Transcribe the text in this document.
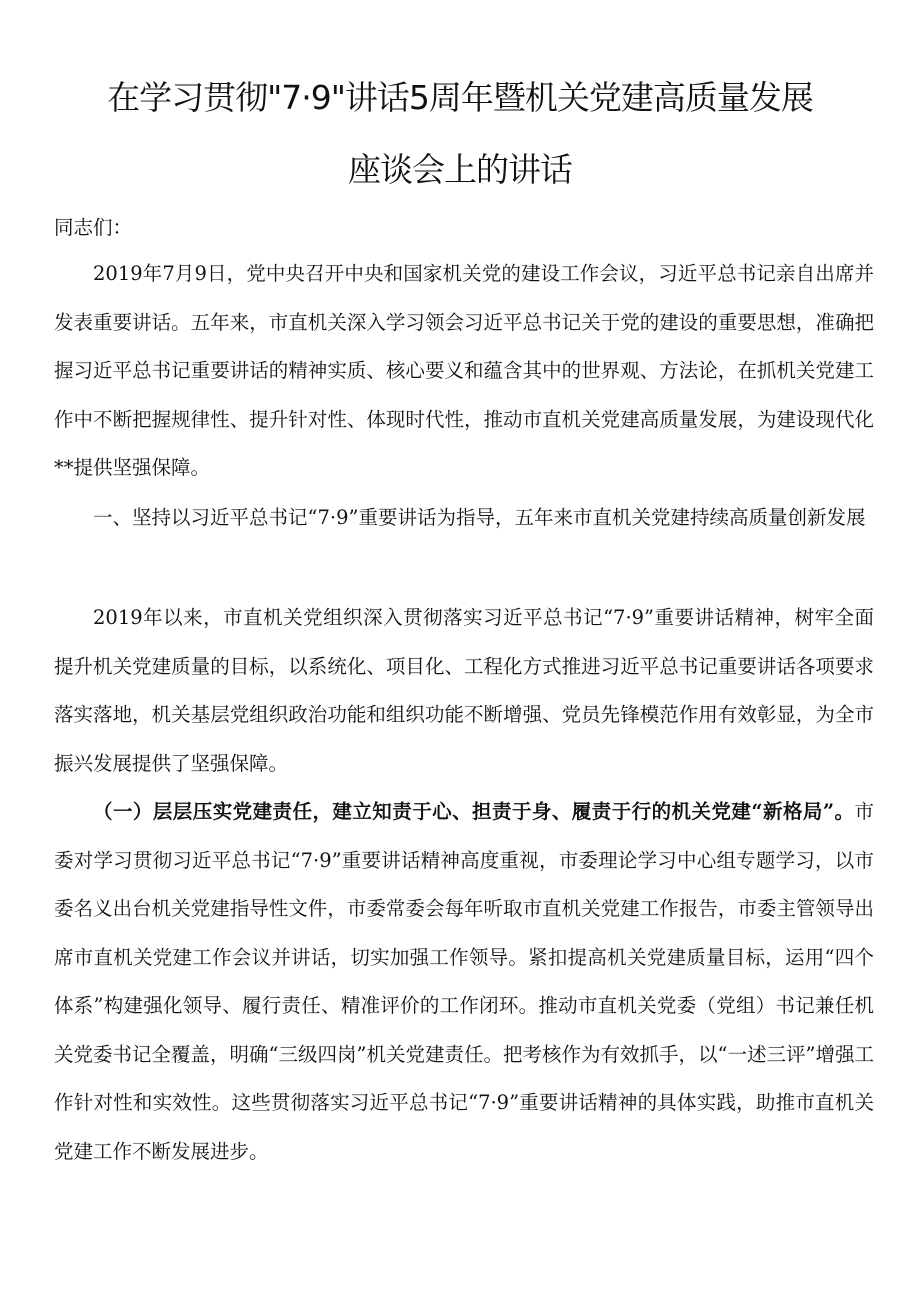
在学习贯彻"7·9"讲话5周年暨机关党建高质量发展
座谈会上的讲话
同志们：

2019年7月9日，党中央召开中央和国家机关党的建设工作会议，习近平总书记亲自出席并发表重要讲话。五年来，市直机关深入学习领会习近平总书记关于党的建设的重要思想，准确把握习近平总书记重要讲话的精神实质、核心要义和蕴含其中的世界观、方法论，在抓机关党建工作中不断把握规律性、提升针对性、体现时代性，推动市直机关党建高质量发展，为建设现代化**提供坚强保障。

一、坚持以习近平总书记“7·9”重要讲话为指导，五年来市直机关党建持续高质量创新发展

2019年以来，市直机关党组织深入贯彻落实习近平总书记“7·9”重要讲话精神，树牢全面提升机关党建质量的目标，以系统化、项目化、工程化方式推进习近平总书记重要讲话各项要求落实落地，机关基层党组织政治功能和组织功能不断增强、党员先锋模范作用有效彰显，为全市振兴发展提供了坚强保障。

（一）层层压实党建责任，建立知责于心、担责于身、履责于行的机关党建“新格局”。市委对学习贯彻习近平总书记“7·9”重要讲话精神高度重视，市委理论学习中心组专题学习，以市委名义出台机关党建指导性文件，市委常委会每年听取市直机关党建工作报告，市委主管领导出席市直机关党建工作会议并讲话，切实加强工作领导。紧扣提高机关党建质量目标，运用“四个体系”构建强化领导、履行责任、精准评价的工作闭环。推动市直机关党委（党组）书记兼任机关党委书记全覆盖，明确“三级四岗”机关党建责任。把考核作为有效抓手，以“一述三评”增强工作针对性和实效性。这些贯彻落实习近平总书记“7·9”重要讲话精神的具体实践，助推市直机关党建工作不断发展进步。
